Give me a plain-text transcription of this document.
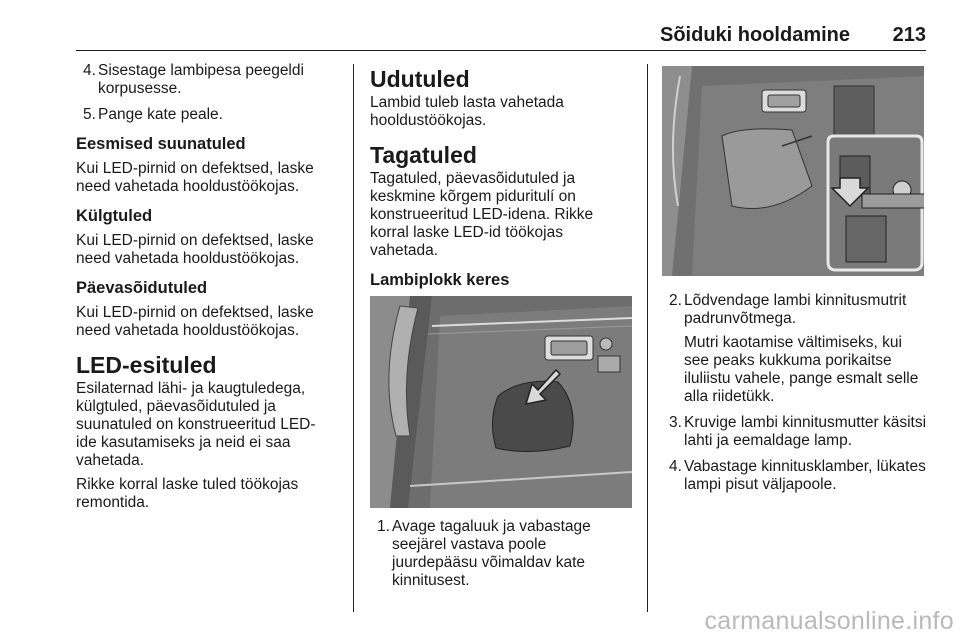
Sõiduki hooldamine 213
4. Sisestage lambipesa peegeldi korpusesse.
5. Pange kate peale.
Eesmised suunatuled

Kui LED-pirnid on defektsed, laske need vahetada hooldustöökojas.

Külgtuled

Kui LED-pirnid on defektsed, laske need vahetada hooldustöökojas.

Päevasõidutuled

Kui LED-pirnid on defektsed, laske need vahetada hooldustöökojas.

LED-esituled

Esilaternad lähi- ja kaugtuledega, külgtuled, päevasõidutuled ja suunatuled on konstrueeritud LED-ide kasutamiseks ja neid ei saa vahetada.

Rikke korral laske tuled töökojas remontida.

Udutuled

Lambid tuleb lasta vahetada hooldustöökojas.

Tagatuled

Tagatuled, päevasõidutuled ja keskmine kõrgem piduritulí on konstrueeritud LED-idena. Rikke korral laske LED-id töökojas vahetada.

Lambiplokk keres
1. Avage tagaluuk ja vabastage seejärel vastava poole juurdepääsu võimaldav kate kinnitusest.
2. Lõdvendage lambi kinnitusmutrit padrunvõtmega.
Mutri kaotamise vältimiseks, kui see peaks kukkuma porikaitse iluliistu vahele, pange esmalt selle alla riidetükk.
3. Kruvige lambi kinnitusmutter käsitsi lahti ja eemaldage lamp.
4. Vabastage kinnitusklamber, lükates lampi pisut väljapoole.
carmanualsonline.info
